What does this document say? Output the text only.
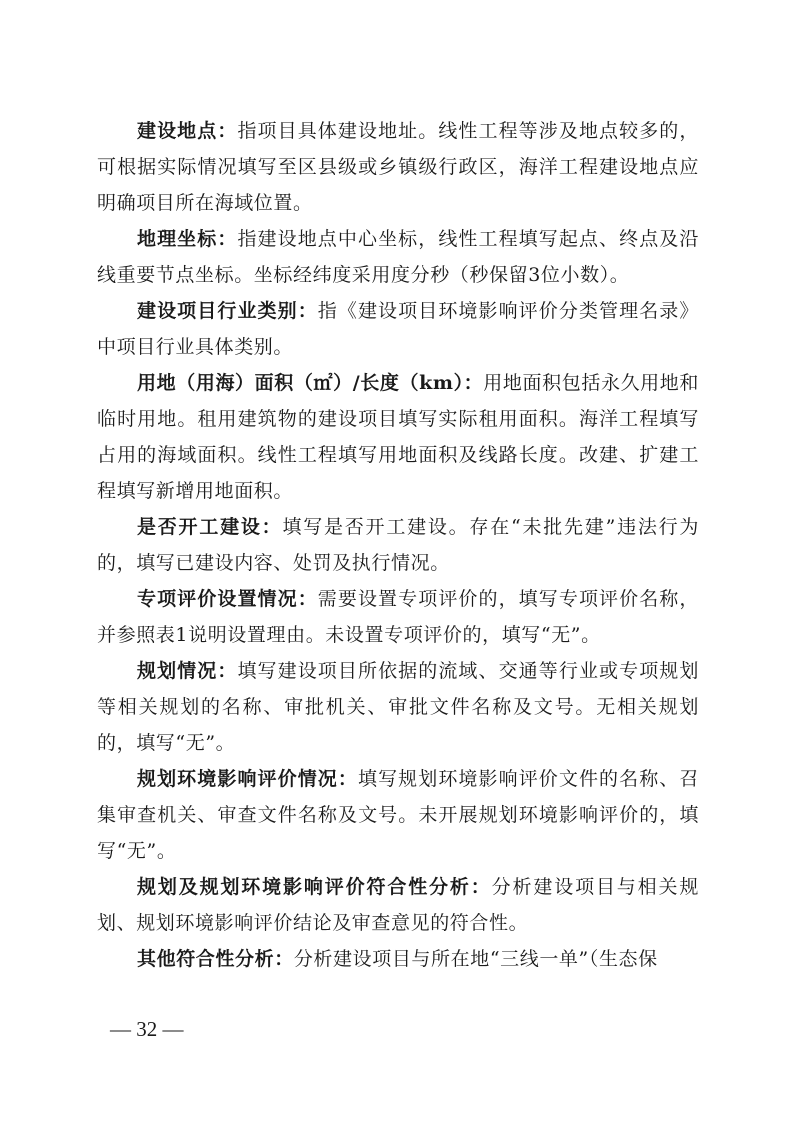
建设地点：指项目具体建设地址。线性工程等涉及地点较多的，可根据实际情况填写至区县级或乡镇级行政区，海洋工程建设地点应明确项目所在海域位置。

地理坐标：指建设地点中心坐标，线性工程填写起点、终点及沿线重要节点坐标。坐标经纬度采用度分秒（秒保留3位小数）。

建设项目行业类别：指《建设项目环境影响评价分类管理名录》中项目行业具体类别。

用地（用海）面积（㎡）/长度（km）：用地面积包括永久用地和临时用地。租用建筑物的建设项目填写实际租用面积。海洋工程填写占用的海域面积。线性工程填写用地面积及线路长度。改建、扩建工程填写新增用地面积。

是否开工建设：填写是否开工建设。存在“未批先建”违法行为的，填写已建设内容、处罚及执行情况。

专项评价设置情况：需要设置专项评价的，填写专项评价名称，并参照表1说明设置理由。未设置专项评价的，填写“无”。

规划情况：填写建设项目所依据的流域、交通等行业或专项规划等相关规划的名称、审批机关、审批文件名称及文号。无相关规划的，填写“无”。

规划环境影响评价情况：填写规划环境影响评价文件的名称、召集审查机关、审查文件名称及文号。未开展规划环境影响评价的，填写“无”。

规划及规划环境影响评价符合性分析：分析建设项目与相关规划、规划环境影响评价结论及审查意见的符合性。

其他符合性分析：分析建设项目与所在地“三线一单”（生态保

— 32 —
